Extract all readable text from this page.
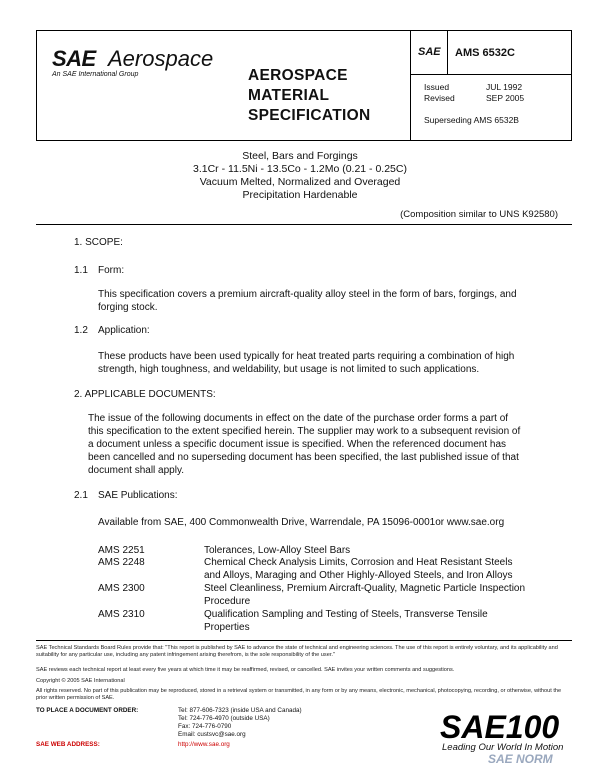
SAE Aerospace
An SAE International Group	AEROSPACE
MATERIAL
SPECIFICATION
SAE AMS 6532C
Issued	JUL 1992
Revised	SEP 2005
Superseding AMS 6532B
Steel, Bars and Forgings
3.1Cr - 11.5Ni - 13.5Co - 1.2Mo (0.21 - 0.25C)
Vacuum Melted, Normalized and Overaged
Precipitation Hardenable
(Composition similar to UNS K92580)
1. SCOPE:
1.1 Form:
This specification covers a premium aircraft-quality alloy steel in the form of bars, forgings, and
forging stock.
1.2 Application:
These products have been used typically for heat treated parts requiring a combination of high
strength, high toughness, and weldability, but usage is not limited to such applications.
2. APPLICABLE DOCUMENTS:
The issue of the following documents in effect on the date of the purchase order forms a part of
this specification to the extent specified herein. The supplier may work to a subsequent revision of
a document unless a specific document issue is specified. When the referenced document has
been cancelled and no superseding document has been specified, the last published issue of that
document shall apply.
2.1 SAE Publications:
Available from SAE, 400 Commonwealth Drive, Warrendale, PA 15096-0001or www.sae.org
AMS 2251	Tolerances, Low-Alloy Steel Bars
AMS 2248	Chemical Check Analysis Limits, Corrosion and Heat Resistant Steels
and Alloys, Maraging and Other Highly-Alloyed Steels, and Iron Alloys
AMS 2300	Steel Cleanliness, Premium Aircraft-Quality, Magnetic Particle Inspection
Procedure
AMS 2310	Qualification Sampling and Testing of Steels, Transverse Tensile
Properties
SAE Technical Standards Board Rules provide that: "This report is published by SAE to advance the state of technical and engineering sciences. The use of this report is entirely voluntary, and its applicability and suitability for any particular use, including any patent infringement arising therefrom, is the sole responsibility of the user."
SAE reviews each technical report at least every five years at which time it may be reaffirmed, revised, or cancelled. SAE invites your written comments and suggestions.
Copyright © 2005 SAE International
All rights reserved. No part of this publication may be reproduced, stored in a retrieval system or transmitted, in any form or by any means, electronic, mechanical, photocopying, recording, or otherwise, without the prior written permission of SAE.
TO PLACE A DOCUMENT ORDER:	Tel: 877-606-7323 (inside USA and Canada)
Tel: 724-776-4970 (outside USA)
Fax: 724-776-0790
Email: custsvc@sae.org
SAE WEB ADDRESS:	http://www.sae.org	SAE100
Leading Our World In Motion
SAE NORM
